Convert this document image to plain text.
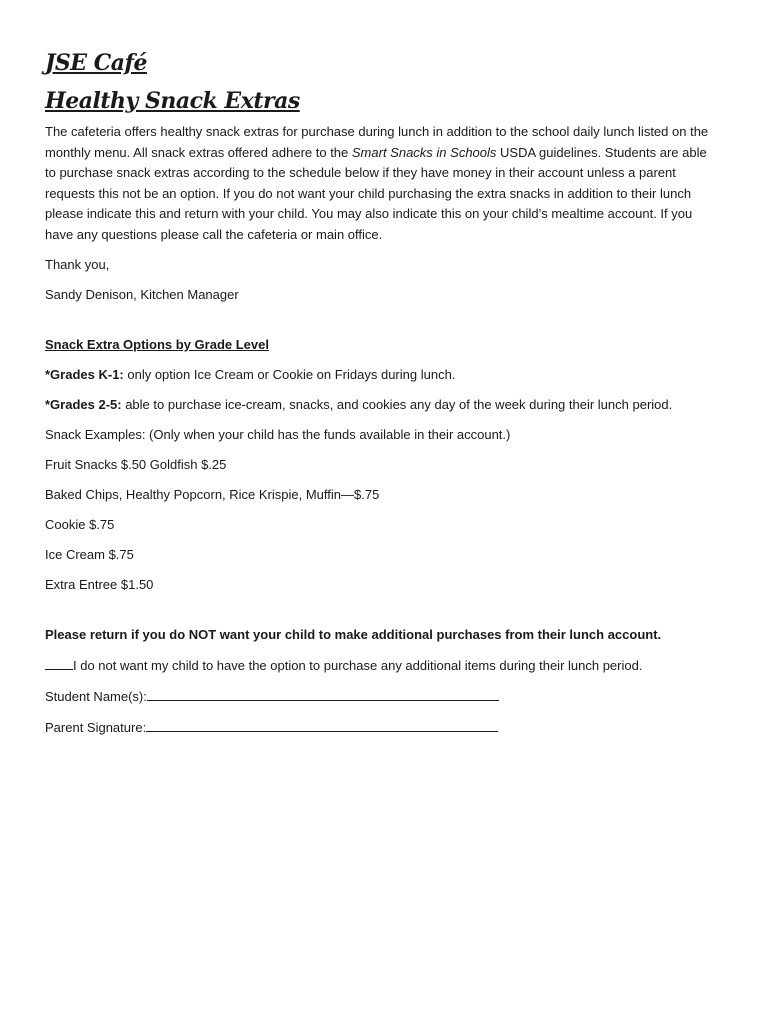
JSE Café
Healthy Snack Extras

The cafeteria offers healthy snack extras for purchase during lunch in addition to the school daily lunch listed on the monthly menu. All snack extras offered adhere to the Smart Snacks in Schools USDA guidelines. Students are able to purchase snack extras according to the schedule below if they have money in their account unless a parent requests this not be an option. If you do not want your child purchasing the extra snacks in addition to their lunch please indicate this and return with your child. You may also indicate this on your child’s mealtime account. If you have any questions please call the cafeteria or main office.

Thank you,

Sandy Denison, Kitchen Manager

Snack Extra Options by Grade Level

*Grades K-1: only option Ice Cream or Cookie on Fridays during lunch.

*Grades 2-5: able to purchase ice-cream, snacks, and cookies any day of the week during their lunch period.

Snack Examples: (Only when your child has the funds available in their account.)

Fruit Snacks $.50 Goldfish $.25

Baked Chips, Healthy Popcorn, Rice Krispie, Muffin—$.75

Cookie $.75

Ice Cream $.75

Extra Entree $1.50

Please return if you do NOT want your child to make additional purchases from their lunch account.

I do not want my child to have the option to purchase any additional items during their lunch period.

Student Name(s):

Parent Signature:
